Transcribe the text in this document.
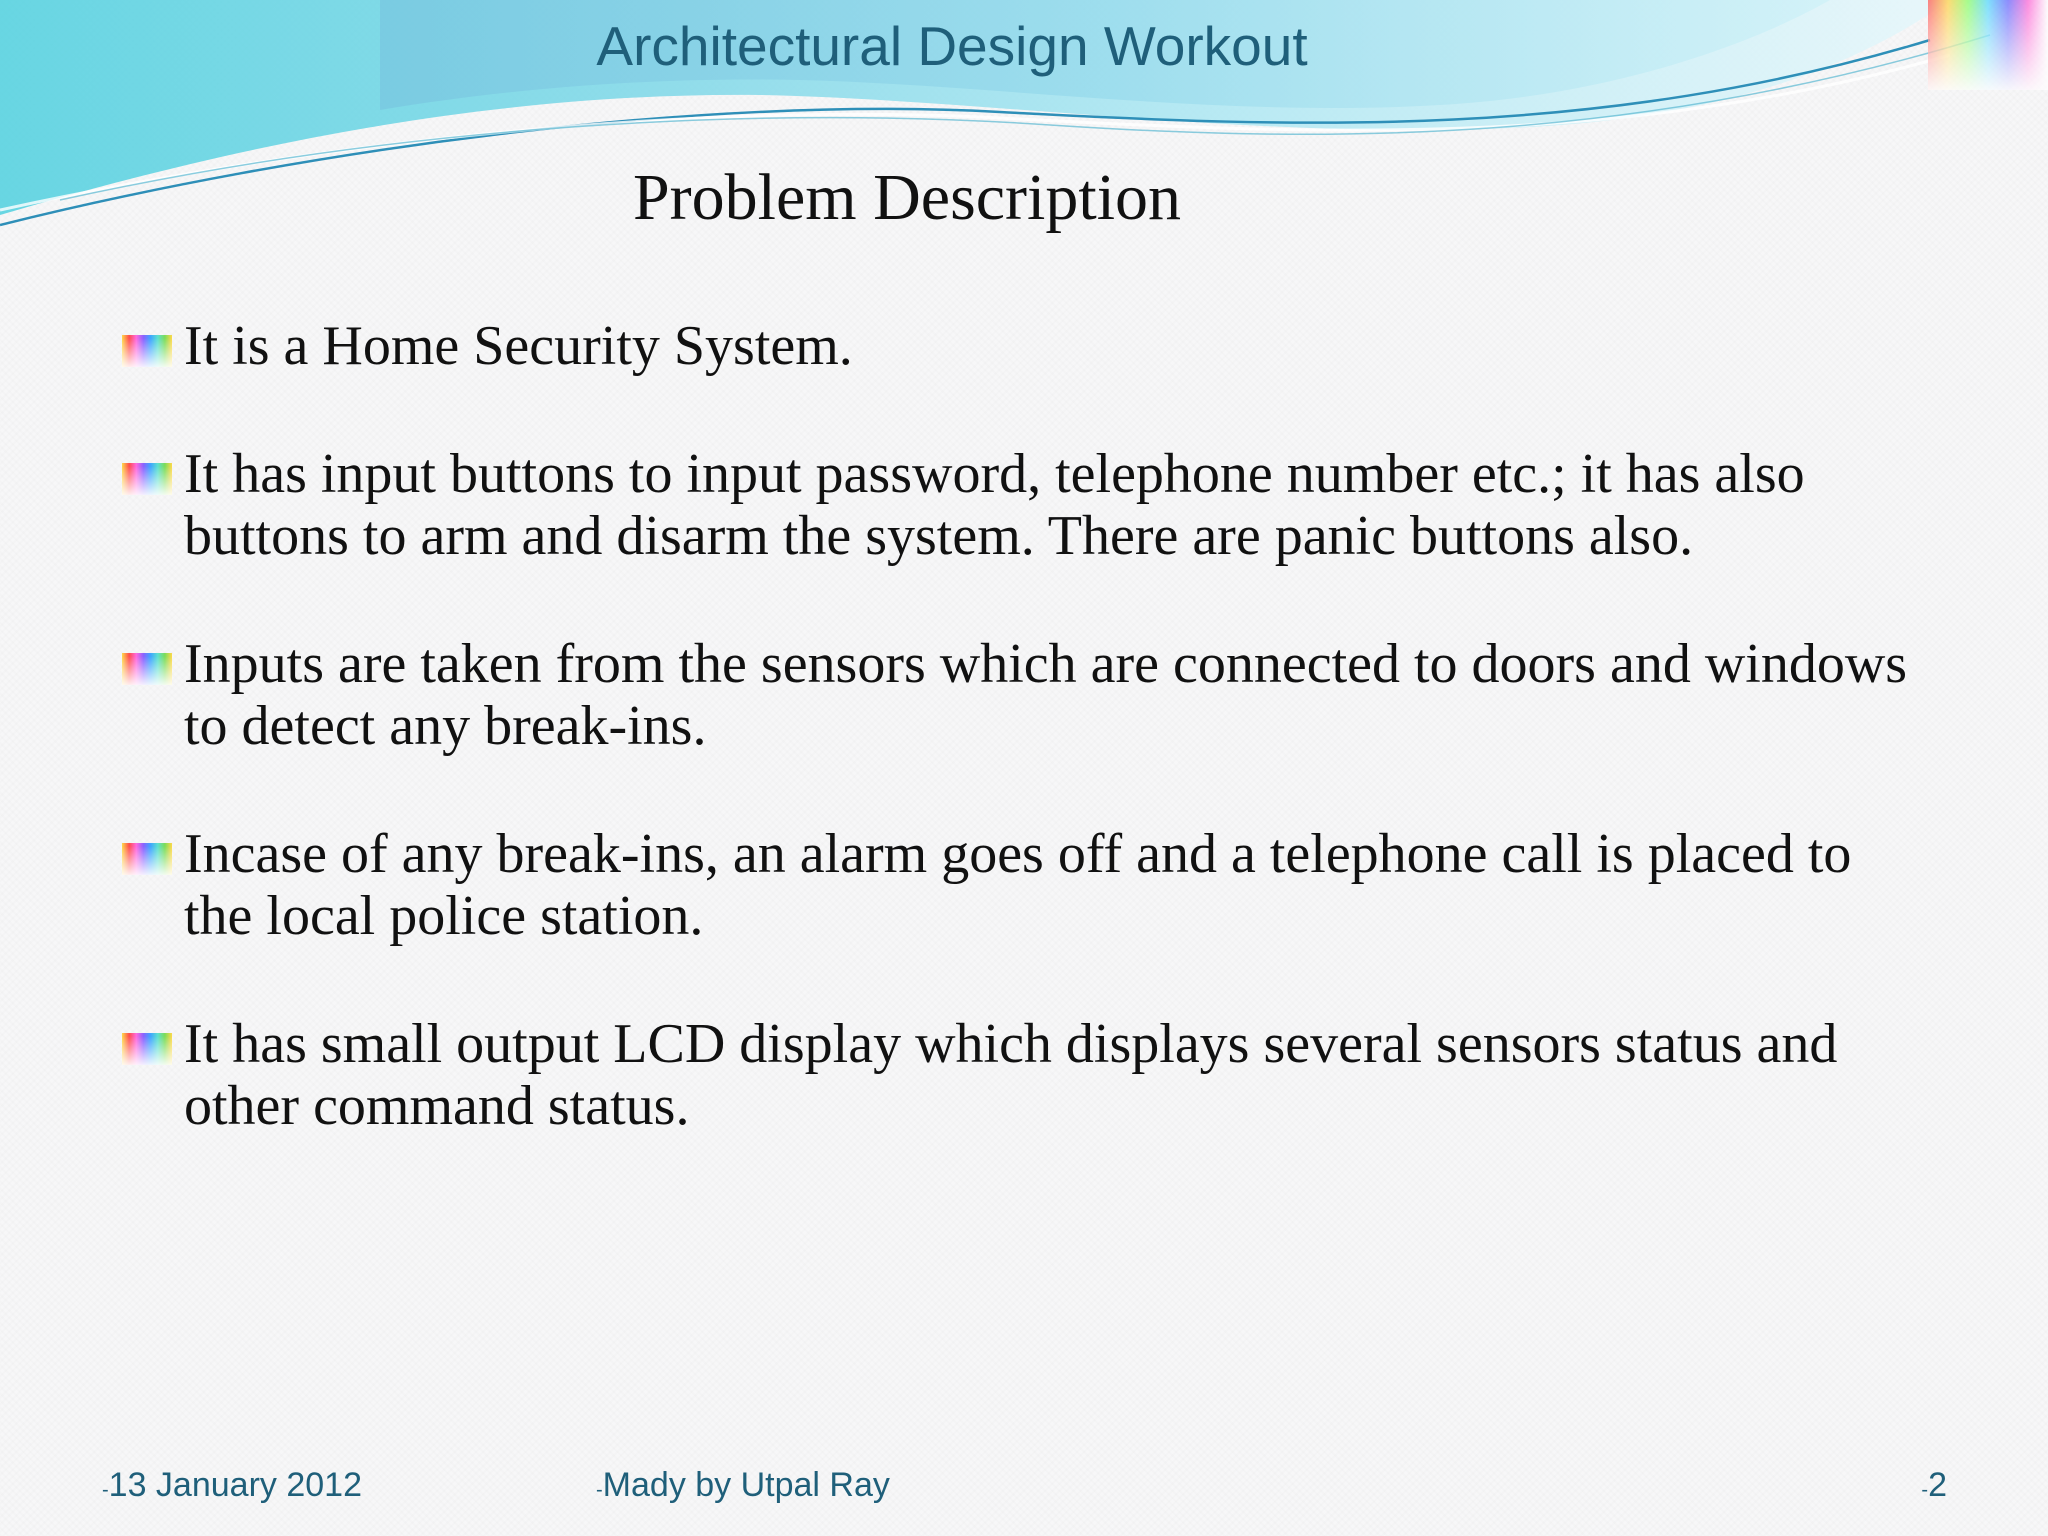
Architectural Design Workout
Problem Description
It is a Home Security System.
It has input buttons to input password, telephone number etc.; it has also buttons to arm and disarm the system. There are panic buttons also.
Inputs are taken from the sensors which are connected to doors and windows to detect any break-ins.
Incase of any break-ins, an alarm goes off and a telephone call is placed to the local police station.
It has small output LCD display which displays several sensors status and other command status.
-13 January 2012	-Mady by Utpal Ray	-2
